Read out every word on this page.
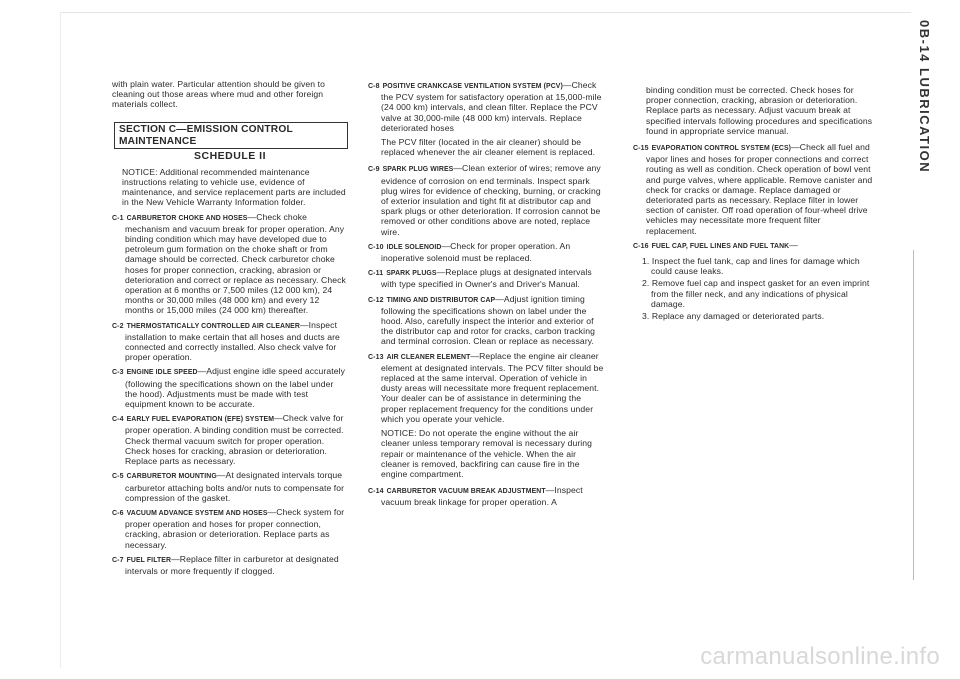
0B-14 LUBRICATION

with plain water. Particular attention should be given to cleaning out those areas where mud and other foreign materials collect.

SECTION C—EMISSION CONTROL MAINTENANCE
SCHEDULE II

NOTICE: Additional recommended maintenance instructions relating to vehicle use, evidence of maintenance, and service replacement parts are included in the New Vehicle Warranty Information folder.

C-1 CARBURETOR CHOKE AND HOSES—Check choke mechanism and vacuum break for proper operation. Any binding condition which may have developed due to petroleum gum formation on the choke shaft or from damage should be corrected. Check carburetor choke hoses for proper connection, cracking, abrasion or deterioration and correct or replace as necessary. Check operation at 6 months or 7,500 miles (12 000 km), 24 months or 30,000 miles (48 000 km) and every 12 months or 15,000 miles (24 000 km) thereafter.

C-2 THERMOSTATICALLY CONTROLLED AIR CLEANER—Inspect installation to make certain that all hoses and ducts are connected and correctly installed. Also check valve for proper operation.

C-3 ENGINE IDLE SPEED—Adjust engine idle speed accurately (following the specifications shown on the label under the hood). Adjustments must be made with test equipment known to be accurate.

C-4 EARLY FUEL EVAPORATION (EFE) SYSTEM—Check valve for proper operation. A binding condition must be corrected. Check thermal vacuum switch for proper operation. Check hoses for cracking, abrasion or deterioration. Replace parts as necessary.

C-5 CARBURETOR MOUNTING—At designated intervals torque carburetor attaching bolts and/or nuts to compensate for compression of the gasket.

C-6 VACUUM ADVANCE SYSTEM AND HOSES—Check system for proper operation and hoses for proper connection, cracking, abrasion or deterioration. Replace parts as necessary.

C-7 FUEL FILTER—Replace filter in carburetor at designated intervals or more frequently if clogged.

C-8 POSITIVE CRANKCASE VENTILATION SYSTEM (PCV)—Check the PCV system for satisfactory operation at 15,000-mile (24 000 km) intervals, and clean filter. Replace the PCV valve at 30,000-mile (48 000 km) intervals. Replace deteriorated hoses

The PCV filter (located in the air cleaner) should be replaced whenever the air cleaner element is replaced.

C-9 SPARK PLUG WIRES—Clean exterior of wires; remove any evidence of corrosion on end terminals. Inspect spark plug wires for evidence of checking, burning, or cracking of exterior insulation and tight fit at distributor cap and spark plugs or other deterioration. If corrosion cannot be removed or other conditions above are noted, replace wire.

C-10 IDLE SOLENOID—Check for proper operation. An inoperative solenoid must be replaced.

C-11 SPARK PLUGS—Replace plugs at designated intervals with type specified in Owner's and Driver's Manual.

C-12 TIMING AND DISTRIBUTOR CAP—Adjust ignition timing following the specifications shown on label under the hood. Also, carefully inspect the interior and exterior of the distributor cap and rotor for cracks, carbon tracking and terminal corrosion. Clean or replace as necessary.

C-13 AIR CLEANER ELEMENT—Replace the engine air cleaner element at designated intervals. The PCV filter should be replaced at the same interval. Operation of vehicle in dusty areas will necessitate more frequent replacement. Your dealer can be of assistance in determining the proper replacement frequency for the conditions under which you operate your vehicle.

NOTICE: Do not operate the engine without the air cleaner unless temporary removal is necessary during repair or maintenance of the vehicle. When the air cleaner is removed, backfiring can cause fire in the engine compartment.

C-14 CARBURETOR VACUUM BREAK ADJUSTMENT—Inspect vacuum break linkage for proper operation. A

binding condition must be corrected. Check hoses for proper connection, cracking, abrasion or deterioration. Replace parts as necessary. Adjust vacuum break at specified intervals following procedures and specifications found in appropriate service manual.

C-15 EVAPORATION CONTROL SYSTEM (ECS)—Check all fuel and vapor lines and hoses for proper connections and correct routing as well as condition. Check operation of bowl vent and purge valves, where applicable. Remove canister and check for cracks or damage. Replace damaged or deteriorated parts as necessary. Replace filter in lower section of canister. Off road operation of four-wheel drive vehicles may necessitate more frequent filter replacement.

C-16 FUEL CAP, FUEL LINES AND FUEL TANK—

1. Inspect the fuel tank, cap and lines for damage which could cause leaks.

2. Remove fuel cap and inspect gasket for an even imprint from the filler neck, and any indications of physical damage.

3. Replace any damaged or deteriorated parts.

carmanualsonline.info
